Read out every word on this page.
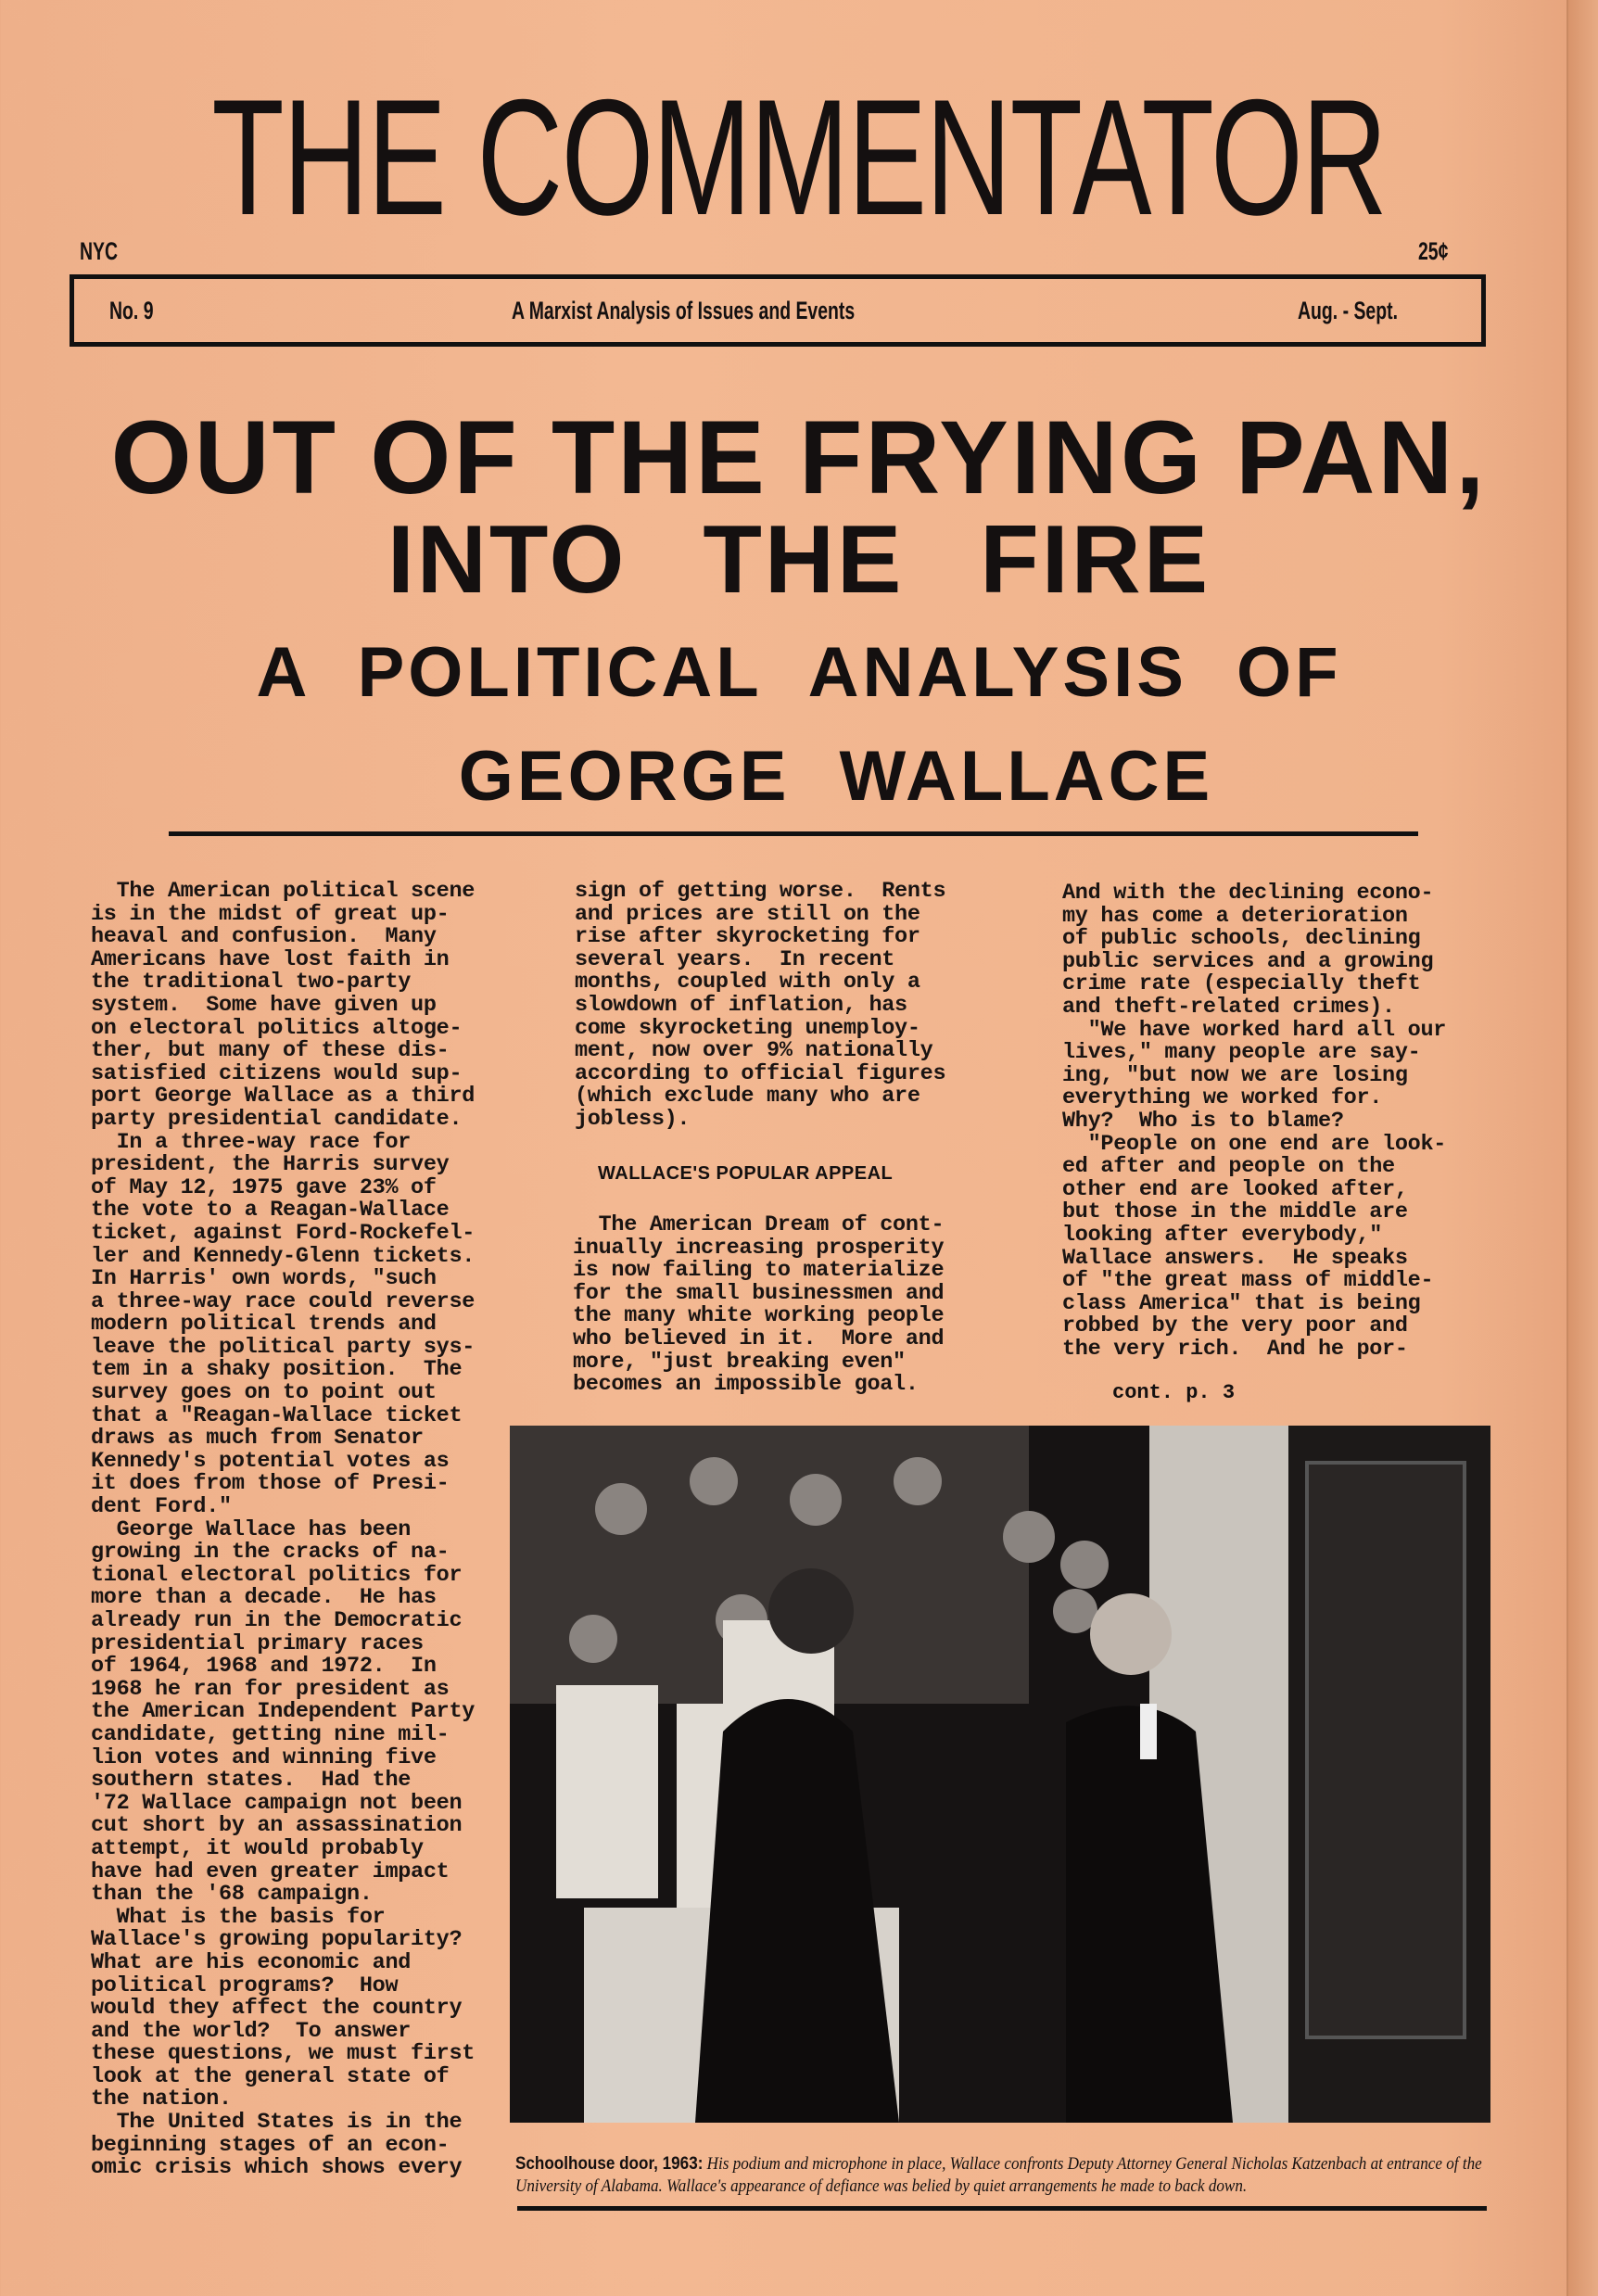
THE COMMENTATOR
NYC	25¢
No. 9	A Marxist Analysis of Issues and Events	Aug. - Sept.
OUT OF THE FRYING PAN,
INTO THE FIRE
A POLITICAL ANALYSIS OF
GEORGE WALLACE
The American political scene
is in the midst of great up-
heaval and confusion.  Many
Americans have lost faith in
the traditional two-party
system.  Some have given up
on electoral politics altoge-
ther, but many of these dis-
satisfied citizens would sup-
port George Wallace as a third
party presidential candidate.
In a three-way race for
president, the Harris survey
of May 12, 1975 gave 23% of
the vote to a Reagan-Wallace
ticket, against Ford-Rockefel-
ler and Kennedy-Glenn tickets.
In Harris' own words, "such
a three-way race could reverse
modern political trends and
leave the political party sys-
tem in a shaky position.  The
survey goes on to point out
that a "Reagan-Wallace ticket
draws as much from Senator
Kennedy's potential votes as
it does from those of Presi-
dent Ford."
George Wallace has been
growing in the cracks of na-
tional electoral politics for
more than a decade.  He has
already run in the Democratic
presidential primary races
of 1964, 1968 and 1972.  In
1968 he ran for president as
the American Independent Party
candidate, getting nine mil-
lion votes and winning five
southern states.  Had the
'72 Wallace campaign not been
cut short by an assassination
attempt, it would probably
have had even greater impact
than the '68 campaign.
What is the basis for
Wallace's growing popularity?
What are his economic and
political programs?  How
would they affect the country
and the world?  To answer
these questions, we must first
look at the general state of
the nation.
The United States is in the
beginning stages of an econ-
omic crisis which shows every
sign of getting worse.  Rents
and prices are still on the
rise after skyrocketing for
several years.  In recent
months, coupled with only a
slowdown of inflation, has
come skyrocketing unemploy-
ment, now over 9% nationally
according to official figures
(which exclude many who are
jobless).
WALLACE'S POPULAR APPEAL
The American Dream of cont-
inually increasing prosperity
is now failing to materialize
for the small businessmen and
the many white working people
who believed in it.  More and
more, "just breaking even"
becomes an impossible goal.
And with the declining econo-
my has come a deterioration
of public schools, declining
public services and a growing
crime rate (especially theft
and theft-related crimes).
"We have worked hard all our
lives," many people are say-
ing, "but now we are losing
everything we worked for.
Why?  Who is to blame?
"People on one end are look-
ed after and people on the
other end are looked after,
but those in the middle are
looking after everybody,"
Wallace answers.  He speaks
of "the great mass of middle-
class America" that is being
robbed by the very poor and
the very rich.  And he por-
cont. p. 3
Schoolhouse door, 1963: His podium and microphone in place, Wallace confronts Deputy Attorney General Nicholas Katzenbach at entrance of the University of Alabama. Wallace's appearance of defiance was belied by quiet arrangements he made to back down.
